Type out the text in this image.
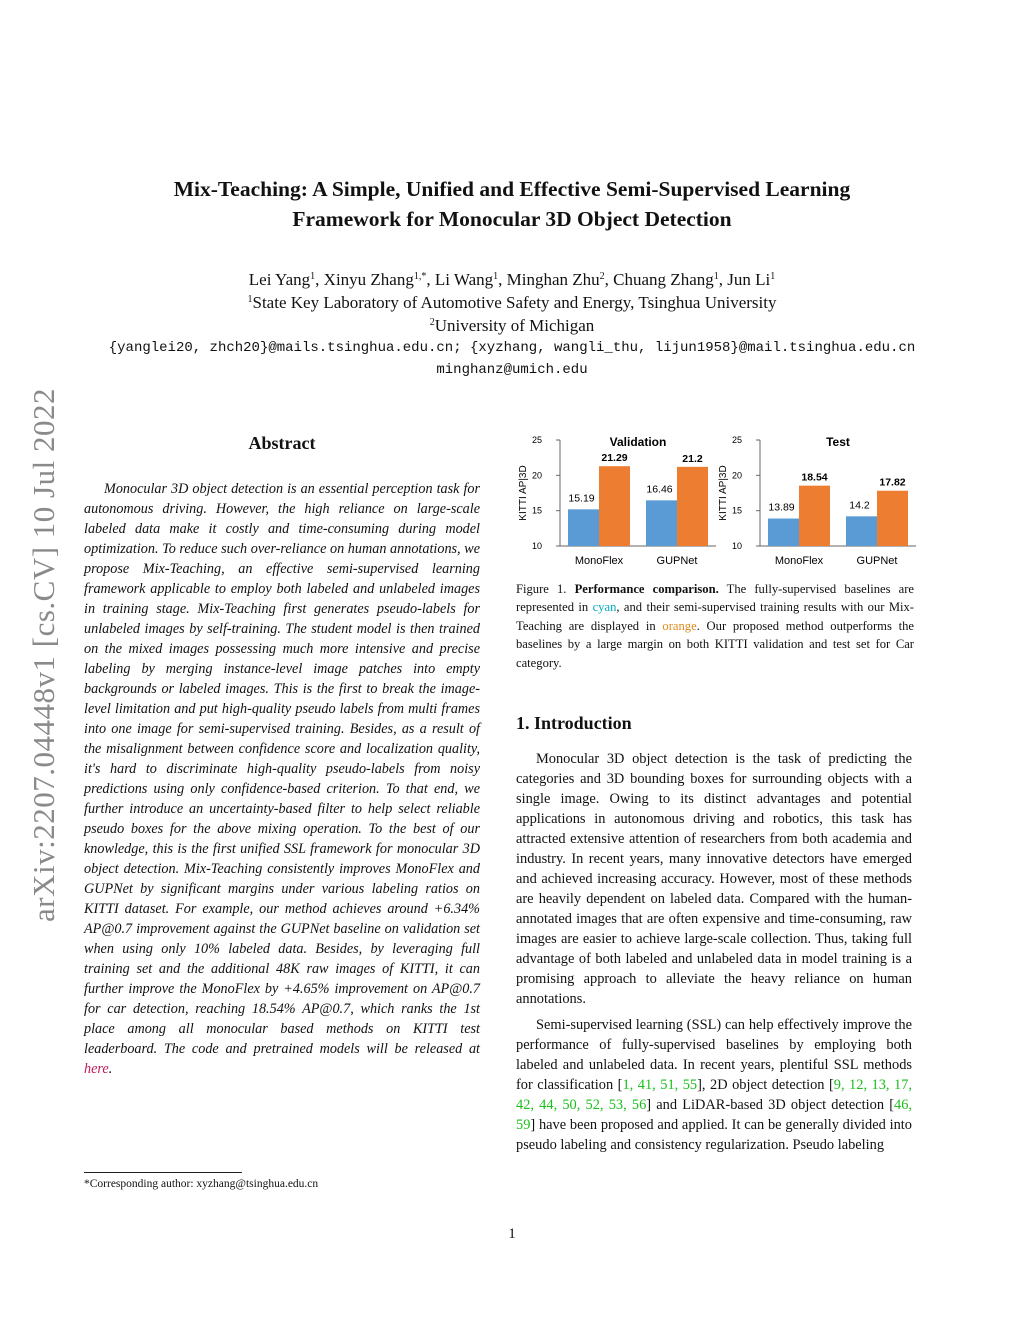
arXiv:2207.04448v1 [cs.CV] 10 Jul 2022
Mix-Teaching: A Simple, Unified and Effective Semi-Supervised Learning
Framework for Monocular 3D Object Detection
Lei Yang$^1$, Xinyu Zhang$^{1,*}$, Li Wang$^1$, Minghan Zhu$^2$, Chuang Zhang$^1$, Jun Li$^1$
$^1$State Key Laboratory of Automotive Safety and Energy, Tsinghua University
$^2$University of Michigan
{yanglei20, zhch20}@mails.tsinghua.edu.cn; {xyzhang, wangli_thu, lijun1958}@mail.tsinghua.edu.cn
minghanz@umich.edu
Abstract
Monocular 3D object detection is an essential perception task for autonomous driving. However, the high reliance on large-scale labeled data make it costly and time-consuming during model optimization. To reduce such over-reliance on human annotations, we propose Mix-Teaching, an effective semi-supervised learning framework applicable to employ both labeled and unlabeled images in training stage. Mix-Teaching first generates pseudo-labels for unlabeled images by self-training. The student model is then trained on the mixed images possessing much more intensive and precise labeling by merging instance-level image patches into empty backgrounds or labeled images. This is the first to break the image-level limitation and put high-quality pseudo labels from multi frames into one image for semi-supervised training. Besides, as a result of the misalignment between confidence score and localization quality, it's hard to discriminate high-quality pseudo-labels from noisy predictions using only confidence-based criterion. To that end, we further introduce an uncertainty-based filter to help select reliable pseudo boxes for the above mixing operation. To the best of our knowledge, this is the first unified SSL framework for monocular 3D object detection. Mix-Teaching consistently improves MonoFlex and GUPNet by significant margins under various labeling ratios on KITTI dataset. For example, our method achieves around +6.34% AP@0.7 improvement against the GUPNet baseline on validation set when using only 10% labeled data. Besides, by leveraging full training set and the additional 48K raw images of KITTI, it can further improve the MonoFlex by +4.65% improvement on AP@0.7 for car detection, reaching 18.54% AP@0.7, which ranks the 1st place among all monocular based methods on KITTI test leaderboard. The code and pretrained models will be released at here.
*Corresponding author: xyzhang@tsinghua.edu.cn
KITTI AP|3D
10
15
20
25	Validation
15.19
21.29
MonoFlex
16.46
21.2
GUPNet
KITTI AP|3D
10
15
20
25	Test
13.89
18.54
MonoFlex
14.2
17.82
GUPNet
Figure 1. Performance comparison. The fully-supervised baselines are represented in cyan, and their semi-supervised training results with our Mix-Teaching are displayed in orange. Our proposed method outperforms the baselines by a large margin on both KITTI validation and test set for Car category.
1. Introduction

Monocular 3D object detection is the task of predicting the categories and 3D bounding boxes for surrounding objects with a single image. Owing to its distinct advantages and potential applications in autonomous driving and robotics, this task has attracted extensive attention of researchers from both academia and industry. In recent years, many innovative detectors have emerged and achieved increasing accuracy. However, most of these methods are heavily dependent on labeled data. Compared with the human-annotated images that are often expensive and time-consuming, raw images are easier to achieve large-scale collection. Thus, taking full advantage of both labeled and unlabeled data in model training is a promising approach to alleviate the heavy reliance on human annotations.

Semi-supervised learning (SSL) can help effectively improve the performance of fully-supervised baselines by employing both labeled and unlabeled data. In recent years, plentiful SSL methods for classification [1, 41, 51, 55], 2D object detection [9, 12, 13, 17, 42, 44, 50, 52, 53, 56] and LiDAR-based 3D object detection [46, 59] have been proposed and applied. It can be generally divided into pseudo labeling and consistency regularization. Pseudo labeling

1
